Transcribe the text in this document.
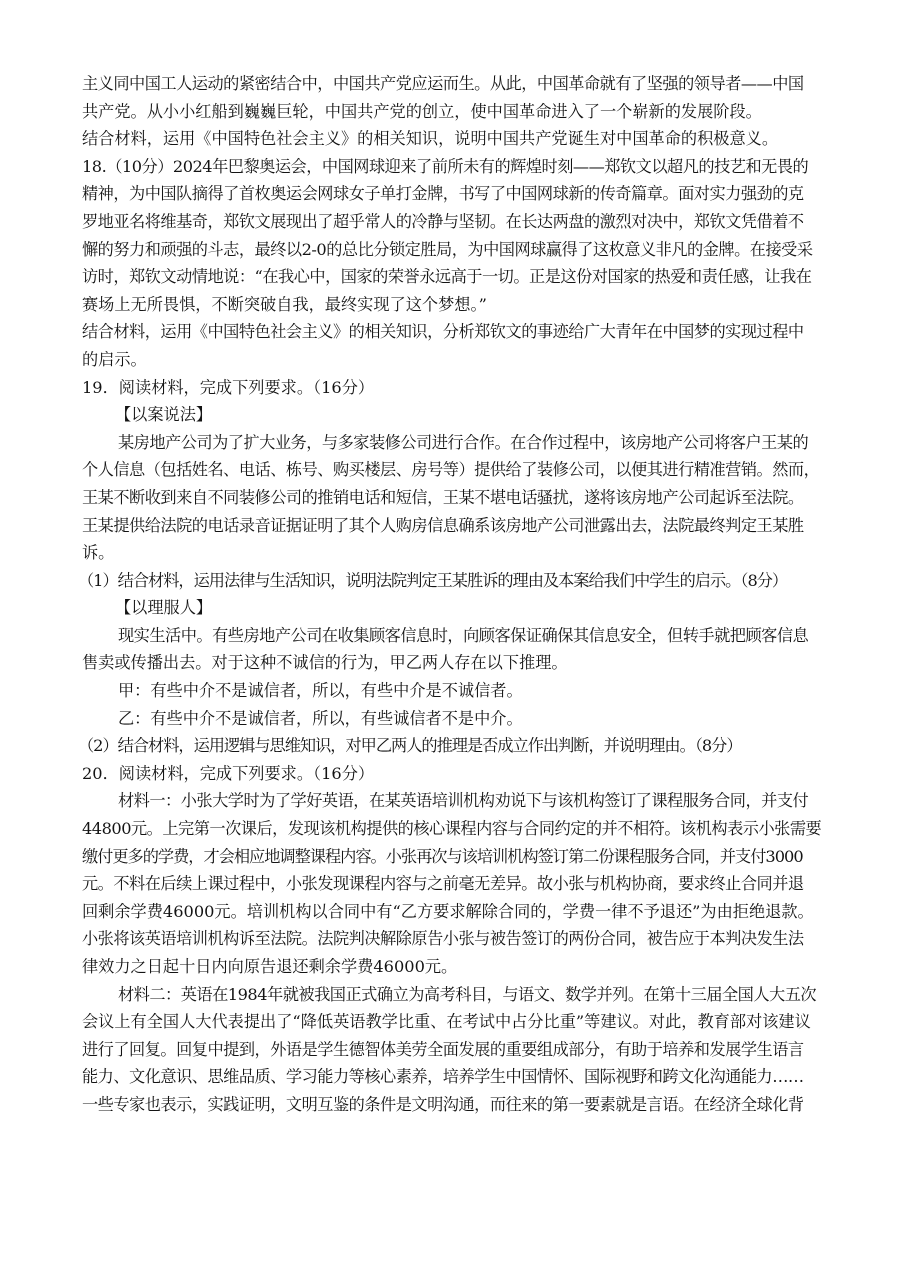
主义同中国工人运动的紧密结合中，中国共产党应运而生。从此，中国革命就有了坚强的领导者——中国
共产党。从小小红船到巍巍巨轮，中国共产党的创立，使中国革命进入了一个崭新的发展阶段。
结合材料，运用《中国特色社会主义》的相关知识，说明中国共产党诞生对中国革命的积极意义。
18.（10分）2024年巴黎奥运会，中国网球迎来了前所未有的辉煌时刻——郑钦文以超凡的技艺和无畏的
精神，为中国队摘得了首枚奥运会网球女子单打金牌，书写了中国网球新的传奇篇章。面对实力强劲的克
罗地亚名将维基奇，郑钦文展现出了超乎常人的冷静与坚韧。在长达两盘的激烈对决中，郑钦文凭借着不
懈的努力和顽强的斗志，最终以2-0的总比分锁定胜局，为中国网球赢得了这枚意义非凡的金牌。在接受采
访时，郑钦文动情地说：“在我心中，国家的荣誉永远高于一切。正是这份对国家的热爱和责任感，让我在
赛场上无所畏惧，不断突破自我，最终实现了这个梦想。”
结合材料，运用《中国特色社会主义》的相关知识，分析郑钦文的事迹给广大青年在中国梦的实现过程中
的启示。
19．阅读材料，完成下列要求。（16分）
【以案说法】
某房地产公司为了扩大业务，与多家装修公司进行合作。在合作过程中，该房地产公司将客户王某的
个人信息（包括姓名、电话、栋号、购买楼层、房号等）提供给了装修公司，以便其进行精准营销。然而，
王某不断收到来自不同装修公司的推销电话和短信，王某不堪电话骚扰，遂将该房地产公司起诉至法院。
王某提供给法院的电话录音证据证明了其个人购房信息确系该房地产公司泄露出去，法院最终判定王某胜
诉。
（1）结合材料，运用法律与生活知识，说明法院判定王某胜诉的理由及本案给我们中学生的启示。（8分）
【以理服人】
现实生活中。有些房地产公司在收集顾客信息时，向顾客保证确保其信息安全，但转手就把顾客信息
售卖或传播出去。对于这种不诚信的行为，甲乙两人存在以下推理。
甲：有些中介不是诚信者，所以，有些中介是不诚信者。
乙：有些中介不是诚信者，所以，有些诚信者不是中介。
（2）结合材料，运用逻辑与思维知识，对甲乙两人的推理是否成立作出判断，并说明理由。（8分）
20．阅读材料，完成下列要求。（16分）
材料一：小张大学时为了学好英语，在某英语培训机构劝说下与该机构签订了课程服务合同，并支付
44800元。上完第一次课后，发现该机构提供的核心课程内容与合同约定的并不相符。该机构表示小张需要
缴付更多的学费，才会相应地调整课程内容。小张再次与该培训机构签订第二份课程服务合同，并支付3000
元。不料在后续上课过程中，小张发现课程内容与之前毫无差异。故小张与机构协商，要求终止合同并退
回剩余学费46000元。培训机构以合同中有“乙方要求解除合同的，学费一律不予退还”为由拒绝退款。
小张将该英语培训机构诉至法院。法院判决解除原告小张与被告签订的两份合同，被告应于本判决发生法
律效力之日起十日内向原告退还剩余学费46000元。
材料二：英语在1984年就被我国正式确立为高考科目，与语文、数学并列。在第十三届全国人大五次
会议上有全国人大代表提出了“降低英语教学比重、在考试中占分比重”等建议。对此，教育部对该建议
进行了回复。回复中提到，外语是学生德智体美劳全面发展的重要组成部分，有助于培养和发展学生语言
能力、文化意识、思维品质、学习能力等核心素养，培养学生中国情怀、国际视野和跨文化沟通能力……
一些专家也表示，实践证明，文明互鉴的条件是文明沟通，而往来的第一要素就是言语。在经济全球化背
